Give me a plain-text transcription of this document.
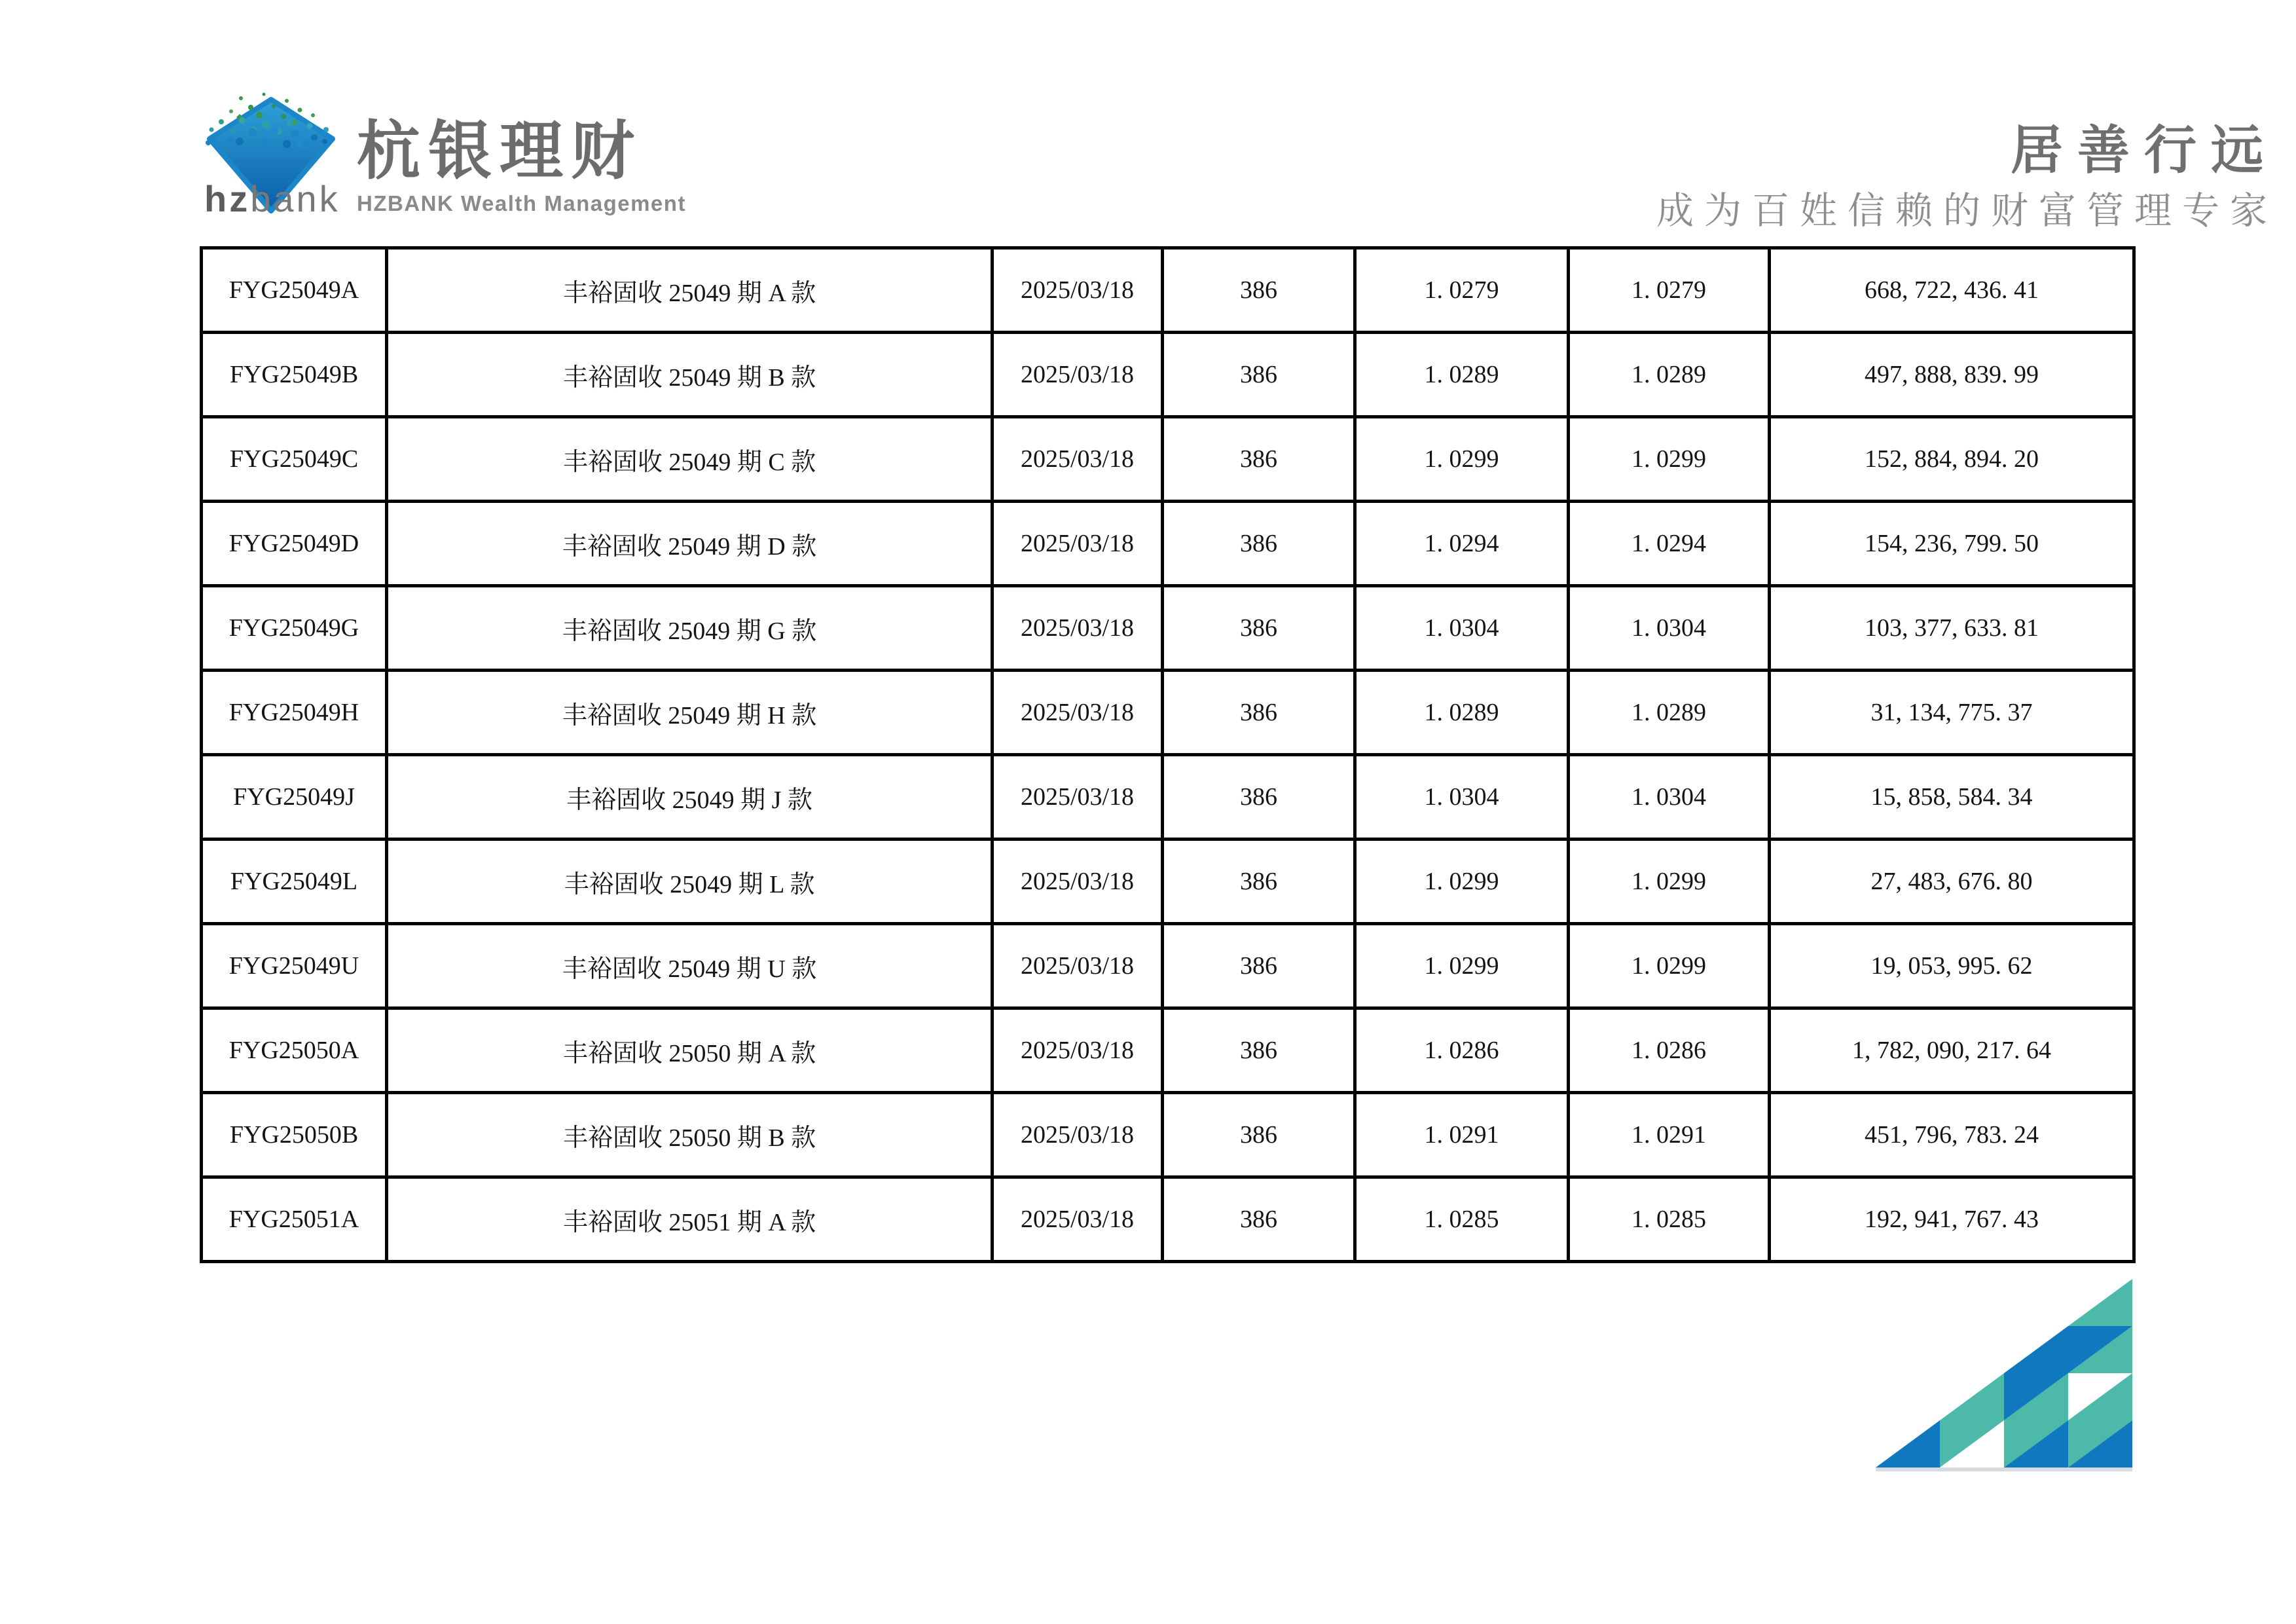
hzbank
杭银理财
HZBANK Wealth Management
居善行远
成为百姓信赖的财富管理专家
FYG25049A	丰裕固收 25049 期 A 款	2025/03/18	386	1. 0279	1. 0279	668, 722, 436. 41
FYG25049B	丰裕固收 25049 期 B 款	2025/03/18	386	1. 0289	1. 0289	497, 888, 839. 99
FYG25049C	丰裕固收 25049 期 C 款	2025/03/18	386	1. 0299	1. 0299	152, 884, 894. 20
FYG25049D	丰裕固收 25049 期 D 款	2025/03/18	386	1. 0294	1. 0294	154, 236, 799. 50
FYG25049G	丰裕固收 25049 期 G 款	2025/03/18	386	1. 0304	1. 0304	103, 377, 633. 81
FYG25049H	丰裕固收 25049 期 H 款	2025/03/18	386	1. 0289	1. 0289	31, 134, 775. 37
FYG25049J	丰裕固收 25049 期 J 款	2025/03/18	386	1. 0304	1. 0304	15, 858, 584. 34
FYG25049L	丰裕固收 25049 期 L 款	2025/03/18	386	1. 0299	1. 0299	27, 483, 676. 80
FYG25049U	丰裕固收 25049 期 U 款	2025/03/18	386	1. 0299	1. 0299	19, 053, 995. 62
FYG25050A	丰裕固收 25050 期 A 款	2025/03/18	386	1. 0286	1. 0286	1, 782, 090, 217. 64
FYG25050B	丰裕固收 25050 期 B 款	2025/03/18	386	1. 0291	1. 0291	451, 796, 783. 24
FYG25051A	丰裕固收 25051 期 A 款	2025/03/18	386	1. 0285	1. 0285	192, 941, 767. 43
